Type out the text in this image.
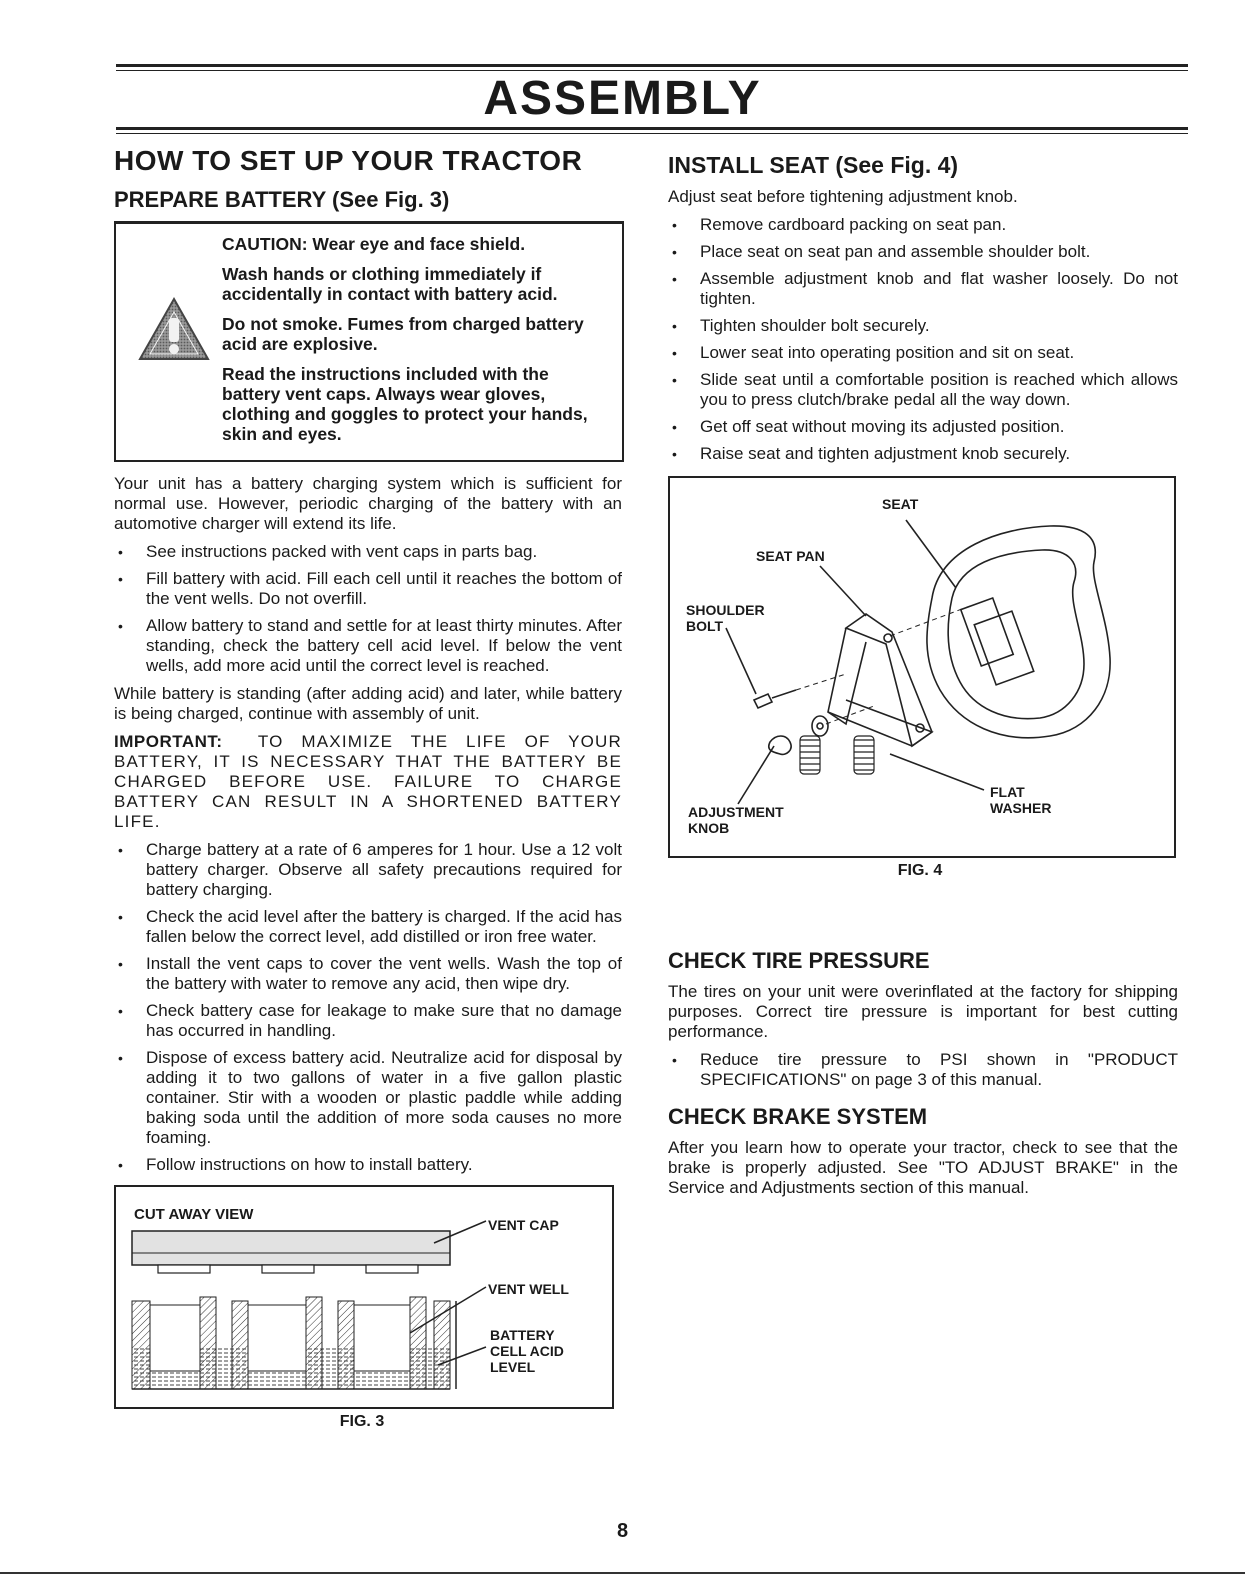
ASSEMBLY
HOW TO SET UP YOUR TRACTOR
PREPARE BATTERY (See Fig. 3)

CAUTION: Wear eye and face shield.

Wash hands or clothing immediately if accidentally in contact with battery acid.

Do not smoke. Fumes from charged battery acid are explosive.

Read the instructions included with the battery vent caps. Always wear gloves, clothing and goggles to protect your hands, skin and eyes.

Your unit has a battery charging system which is sufficient for normal use. However, periodic charging of the battery with an automotive charger will extend its life.

• See instructions packed with vent caps in parts bag.
• Fill battery with acid. Fill each cell until it reaches the bottom of the vent wells. Do not overfill.
• Allow battery to stand and settle for at least thirty minutes. After standing, check the battery cell acid level. If below the vent wells, add more acid until the correct level is reached.

While battery is standing (after adding acid) and later, while battery is being charged, continue with assembly of unit.

IMPORTANT: TO MAXIMIZE THE LIFE OF YOUR BATTERY, IT IS NECESSARY THAT THE BATTERY BE CHARGED BEFORE USE. FAILURE TO CHARGE BATTERY CAN RESULT IN A SHORTENED BATTERY LIFE.

• Charge battery at a rate of 6 amperes for 1 hour. Use a 12 volt battery charger. Observe all safety precautions required for battery charging.
• Check the acid level after the battery is charged. If the acid has fallen below the correct level, add distilled or iron free water.
• Install the vent caps to cover the vent wells. Wash the top of the battery with water to remove any acid, then wipe dry.
• Check battery case for leakage to make sure that no damage has occurred in handling.
• Dispose of excess battery acid. Neutralize acid for disposal by adding it to two gallons of water in a five gallon plastic container. Stir with a wooden or plastic paddle while adding baking soda until the addition of more soda causes no more foaming.
• Follow instructions on how to install battery.
CUT AWAY VIEW
VENT CAP
VENT WELL
BATTERY
CELL ACID
LEVEL
FIG. 3
INSTALL SEAT (See Fig. 4)

Adjust seat before tightening adjustment knob.

• Remove cardboard packing on seat pan.
• Place seat on seat pan and assemble shoulder bolt.
• Assemble adjustment knob and flat washer loosely. Do not tighten.
• Tighten shoulder bolt securely.
• Lower seat into operating position and sit on seat.
• Slide seat until a comfortable position is reached which allows you to press clutch/brake pedal all the way down.
• Get off seat without moving its adjusted position.
• Raise seat and tighten adjustment knob securely.
SEAT
SEAT PAN
SHOULDER
BOLT
FLAT
WASHER
ADJUSTMENT
KNOB
FIG. 4
CHECK TIRE PRESSURE

The tires on your unit were overinflated at the factory for shipping purposes. Correct tire pressure is important for best cutting performance.

• Reduce tire pressure to PSI shown in "PRODUCT SPECIFICATIONS" on page 3 of this manual.
CHECK BRAKE SYSTEM

After you learn how to operate your tractor, check to see that the brake is properly adjusted. See "TO ADJUST BRAKE" in the Service and Adjustments section of this manual.

8
